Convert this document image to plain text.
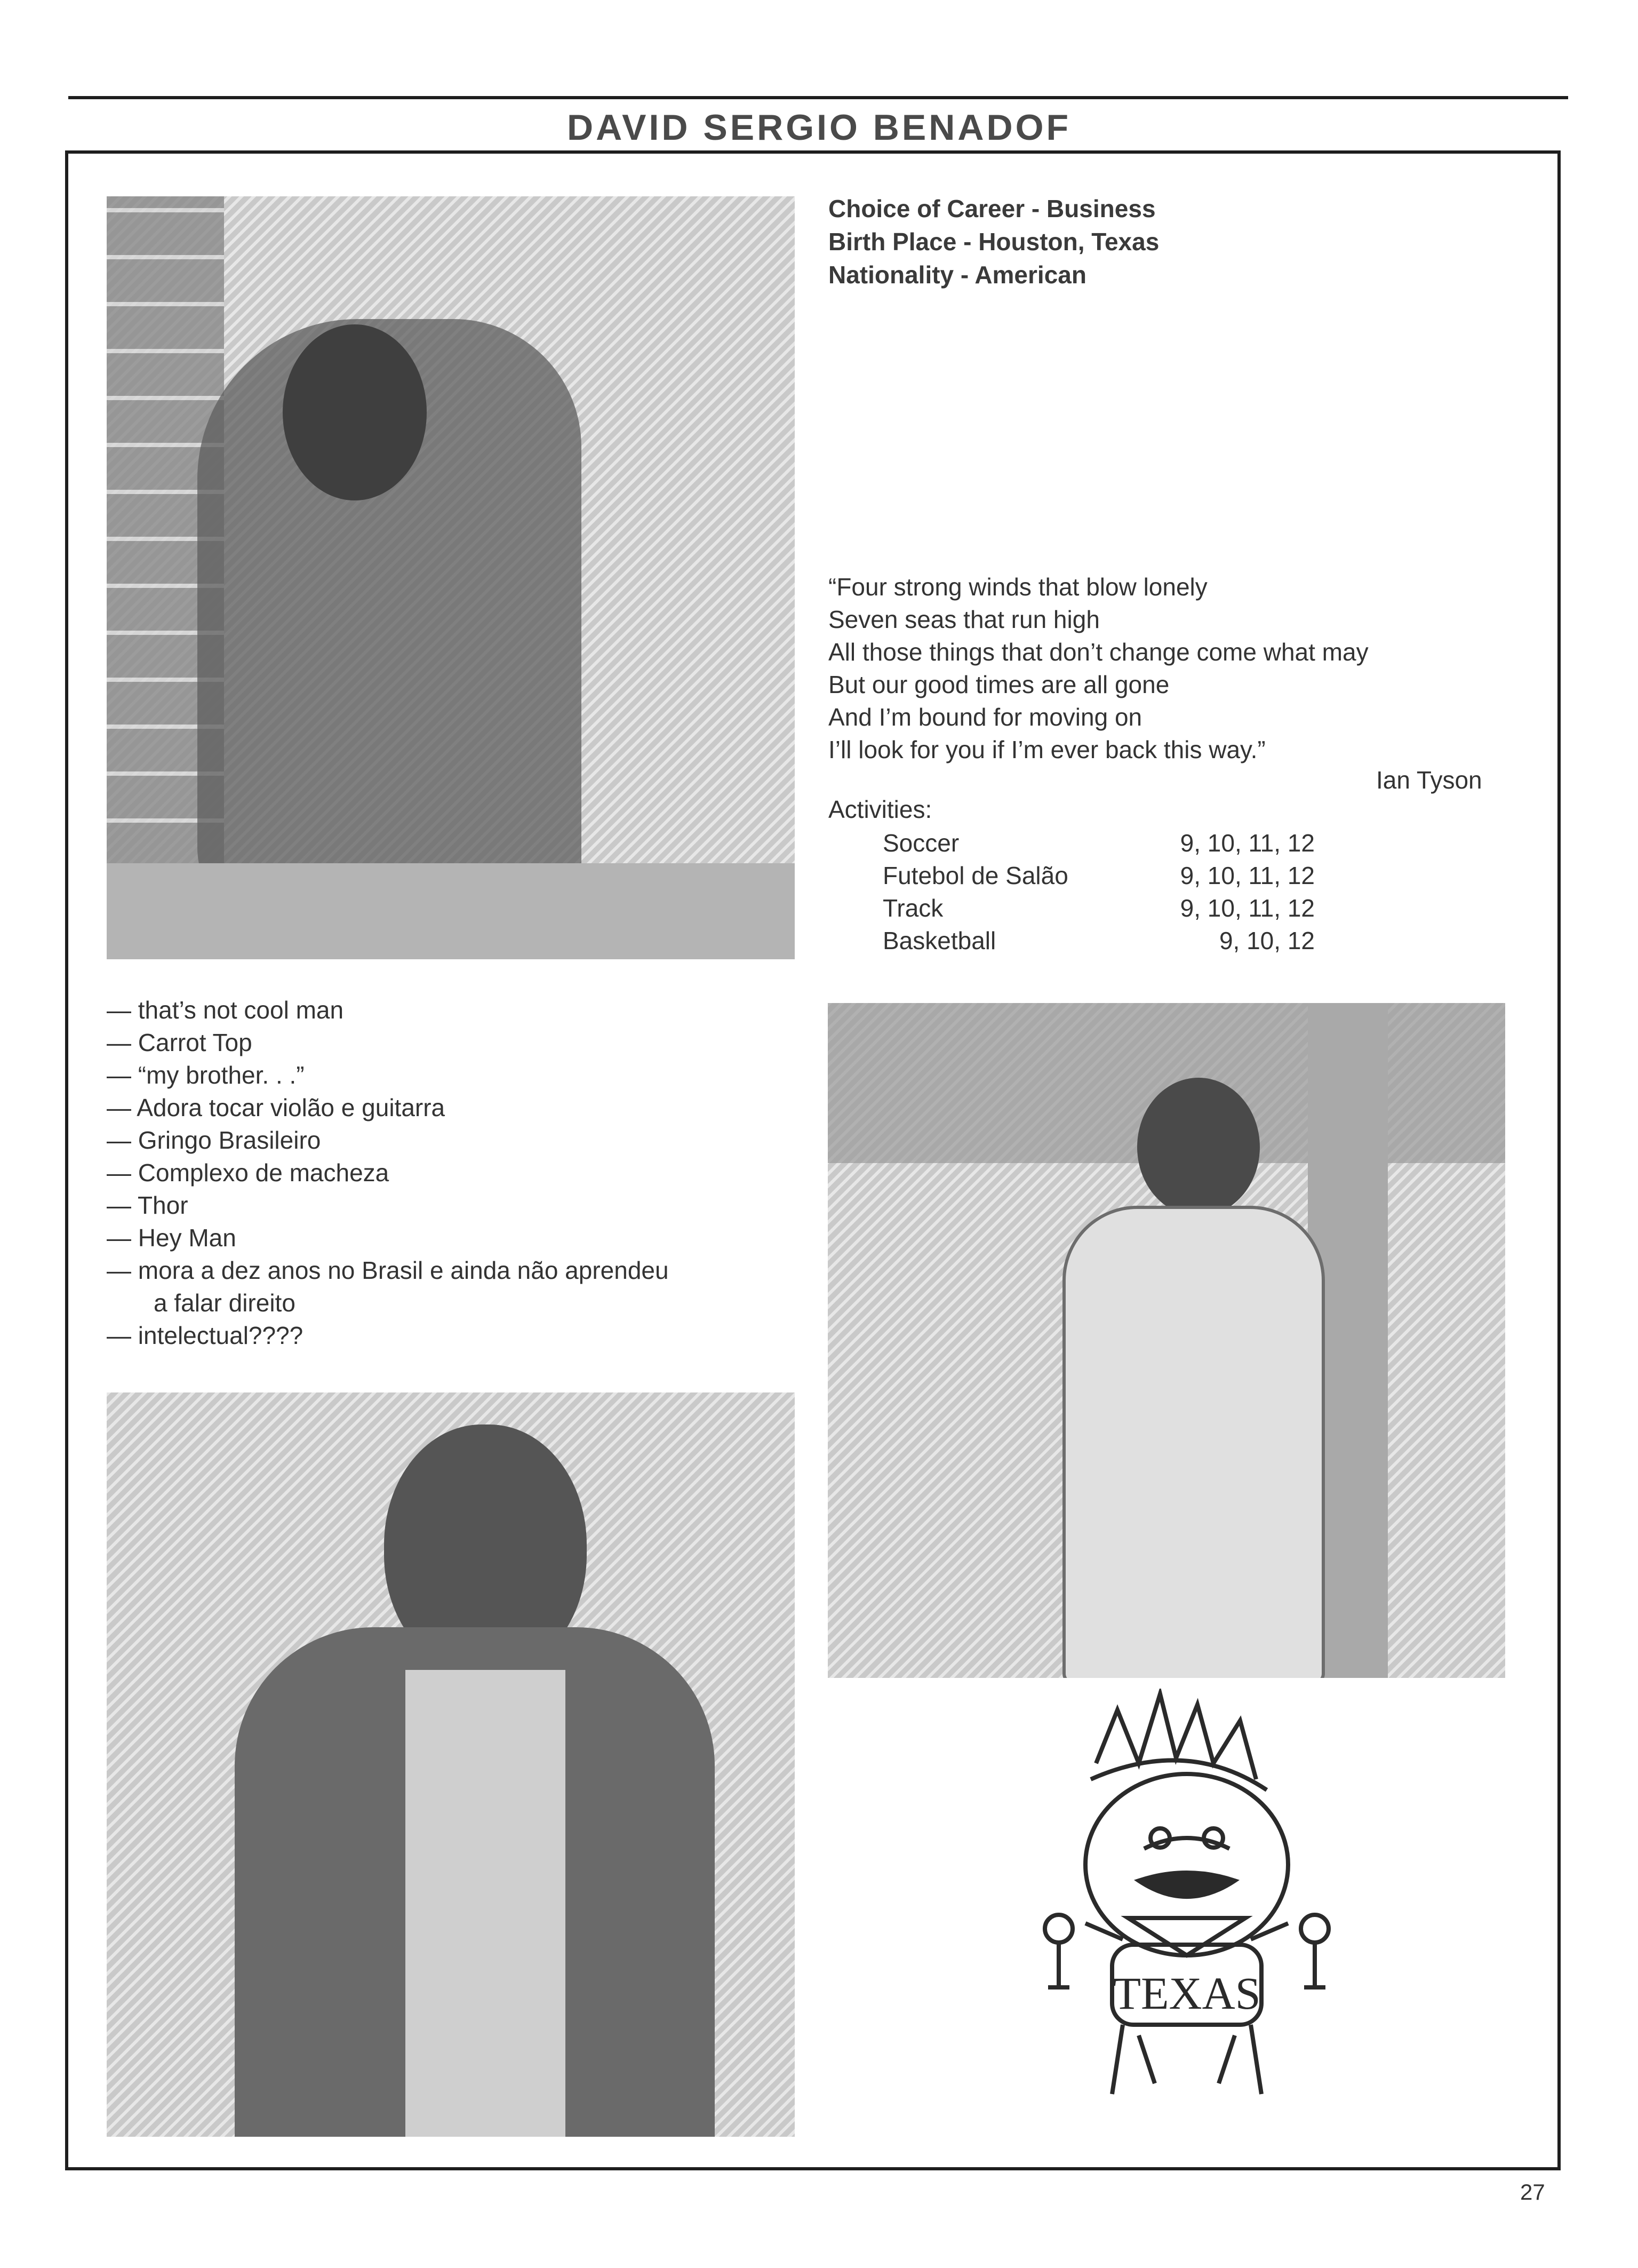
DAVID SERGIO BENADOF
Choice of Career - Business
Birth Place - Houston, Texas
Nationality - American
“Four strong winds that blow lonely
Seven seas that run high
All those things that don’t change come what may
But our good times are all gone
And I’m bound for moving on
I’ll look for you if I’m ever back this way.”
Ian Tyson
Activities:
Soccer	9, 10, 11, 12
Futebol de Salão	9, 10, 11, 12
Track	9, 10, 11, 12
Basketball	9, 10, 12
— that’s not cool man
— Carrot Top
— “my brother. . .”
— Adora tocar violão e guitarra
— Gringo Brasileiro
— Complexo de macheza
— Thor
— Hey Man
— mora a dez anos no Brasil e ainda não aprendeu
a falar direito
— intelectual????
TEXAS
27
